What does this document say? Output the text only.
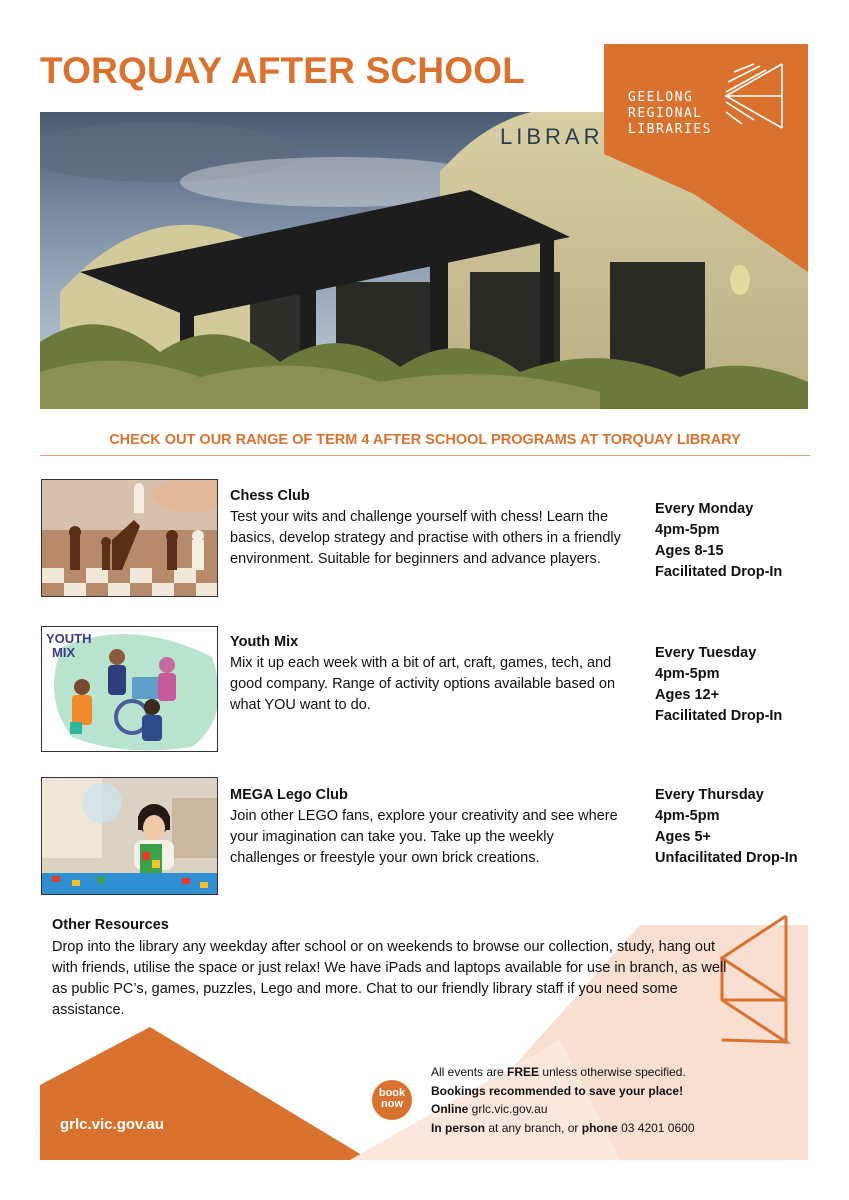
TORQUAY AFTER SCHOOL
LIBRAR
GEELONG
REGIONAL
LIBRARIES
CHECK OUT OUR RANGE OF TERM 4 AFTER SCHOOL PROGRAMS AT TORQUAY LIBRARY
Chess Club
Test your wits and challenge yourself with chess! Learn the basics, develop strategy and practise with others in a friendly environment. Suitable for beginners and advance players.
Every Monday
4pm-5pm
Ages 8-15
Facilitated Drop-In
YOUTH
MIX
Youth Mix
Mix it up each week with a bit of art, craft, games, tech, and good company. Range of activity options available based on what YOU want to do.
Every Tuesday
4pm-5pm
Ages 12+
Facilitated Drop-In
MEGA Lego Club
Join other LEGO fans, explore your creativity and see where your imagination can take you. Take up the weekly challenges or freestyle your own brick creations.
Every Thursday
4pm-5pm
Ages 5+
Unfacilitated Drop-In
Other Resources
Drop into the library any weekday after school or on weekends to browse our collection, study, hang out with friends, utilise the space or just relax! We have iPads and laptops available for use in branch, as well as public PC’s, games, puzzles, Lego and more. Chat to our friendly library staff if you need some assistance.
grlc.vic.gov.au
book
now
All events are FREE unless otherwise specified.
Bookings recommended to save your place!
Online grlc.vic.gov.au
In person at any branch, or phone 03 4201 0600
